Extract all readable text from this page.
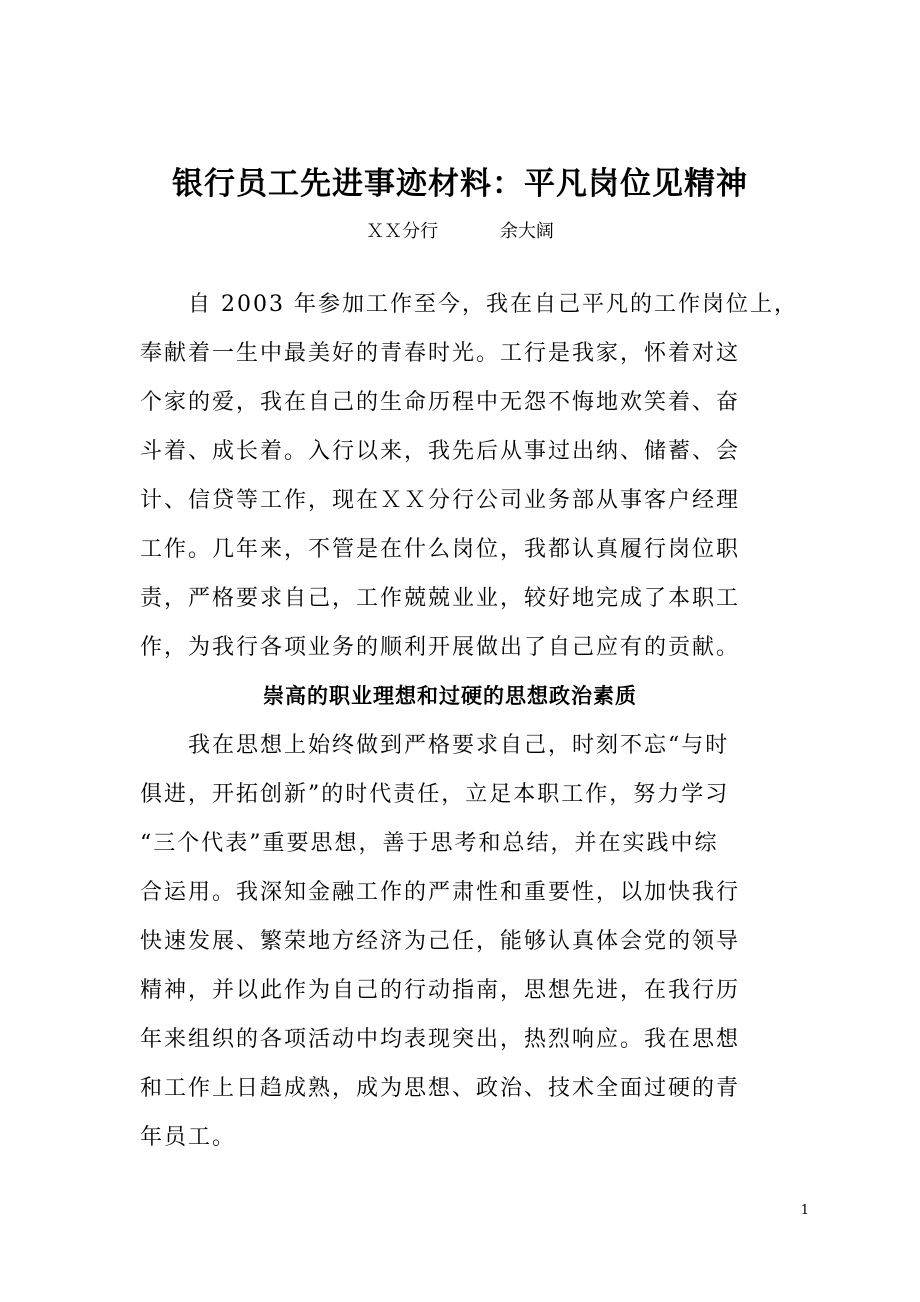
银行员工先进事迹材料：平凡岗位见精神
ＸＸ分行	余大阔
自 2003 年参加工作至今，我在自己平凡的工作岗位上，
奉献着一生中最美好的青春时光。工行是我家，怀着对这
个家的爱，我在自己的生命历程中无怨不悔地欢笑着、奋
斗着、成长着。入行以来，我先后从事过出纳、储蓄、会
计、信贷等工作，现在ＸＸ分行公司业务部从事客户经理
工作。几年来，不管是在什么岗位，我都认真履行岗位职
责，严格要求自己，工作兢兢业业，较好地完成了本职工
作，为我行各项业务的顺利开展做出了自己应有的贡献。
崇高的职业理想和过硬的思想政治素质
我在思想上始终做到严格要求自己，时刻不忘“与时
俱进，开拓创新”的时代责任，立足本职工作，努力学习
“三个代表”重要思想，善于思考和总结，并在实践中综
合运用。我深知金融工作的严肃性和重要性，以加快我行
快速发展、繁荣地方经济为己任，能够认真体会党的领导
精神，并以此作为自己的行动指南，思想先进，在我行历
年来组织的各项活动中均表现突出，热烈响应。我在思想
和工作上日趋成熟，成为思想、政治、技术全面过硬的青
年员工。
1
